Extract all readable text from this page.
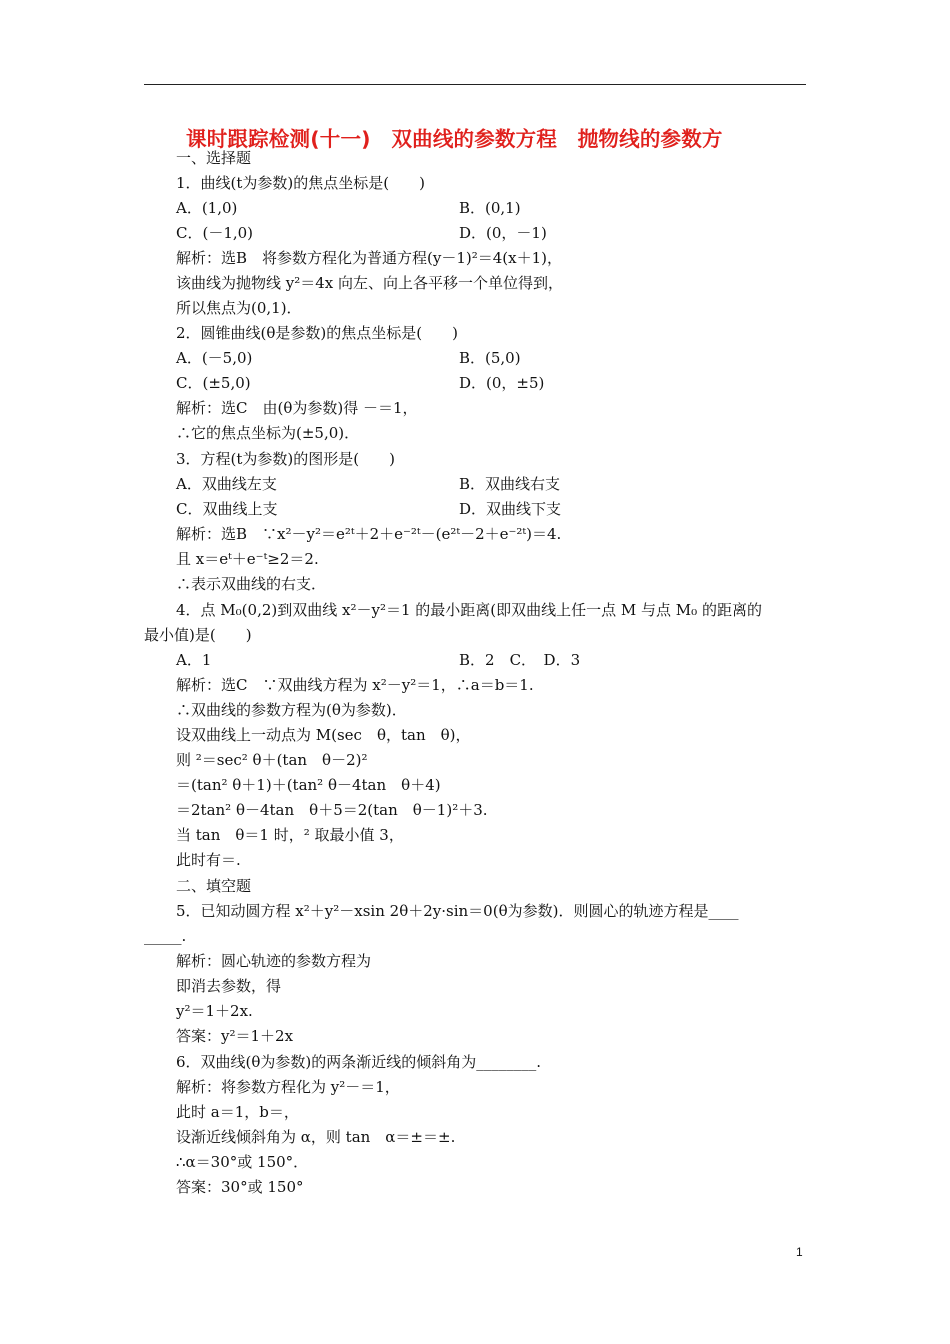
课时跟踪检测(十一)　双曲线的参数方程　抛物线的参数方
一、选择题
1．曲线(t为参数)的焦点坐标是(　　)
A．(1,0)	B．(0,1)
C．(－1,0)	D．(0，－1)
解析：选B　将参数方程化为普通方程(y－1)²＝4(x＋1)，
该曲线为抛物线 y²＝4x 向左、向上各平移一个单位得到，
所以焦点为(0,1)．
2．圆锥曲线(θ是参数)的焦点坐标是(　　)
A．(－5,0)	B．(5,0)
C．(±5,0)	D．(0，±5)
解析：选C　由(θ为参数)得 －＝1，
∴它的焦点坐标为(±5,0)．
3．方程(t为参数)的图形是(　　)
A．双曲线左支	B．双曲线右支
C．双曲线上支	D．双曲线下支
解析：选B　∵x²－y²＝e²ᵗ＋2＋e⁻²ᵗ－(e²ᵗ－2＋e⁻²ᵗ)＝4.
且 x＝eᵗ＋e⁻ᵗ≥2＝2.
∴表示双曲线的右支．
4．点 M₀(0,2)到双曲线 x²－y²＝1 的最小距离(即双曲线上任一点 M 与点 M₀ 的距离的
最小值)是(　　)
A．1	B．2　C．　D．3
解析：选C　∵双曲线方程为 x²－y²＝1，∴a＝b＝1.
∴双曲线的参数方程为(θ为参数)．
设双曲线上一动点为 M(sec　θ，tan　θ)，
则 ²＝sec² θ＋(tan　θ－2)²
＝(tan² θ＋1)＋(tan² θ－4tan　θ＋4)
＝2tan² θ－4tan　θ＋5＝2(tan　θ－1)²＋3.
当 tan　θ＝1 时，² 取最小值 3，
此时有＝.
二、填空题
5．已知动圆方程 x²＋y²－xsin 2θ＋2y·sin＝0(θ为参数)．则圆心的轨迹方程是____
_____.
解析：圆心轨迹的参数方程为
即消去参数，得
y²＝1＋2x.
答案：y²＝1＋2x
6．双曲线(θ为参数)的两条渐近线的倾斜角为________.
解析：将参数方程化为 y²－＝1，
此时 a＝1，b＝，
设渐近线倾斜角为 α，则 tan　α＝±＝±.
∴α＝30°或 150°．
答案：30°或 150°
1
